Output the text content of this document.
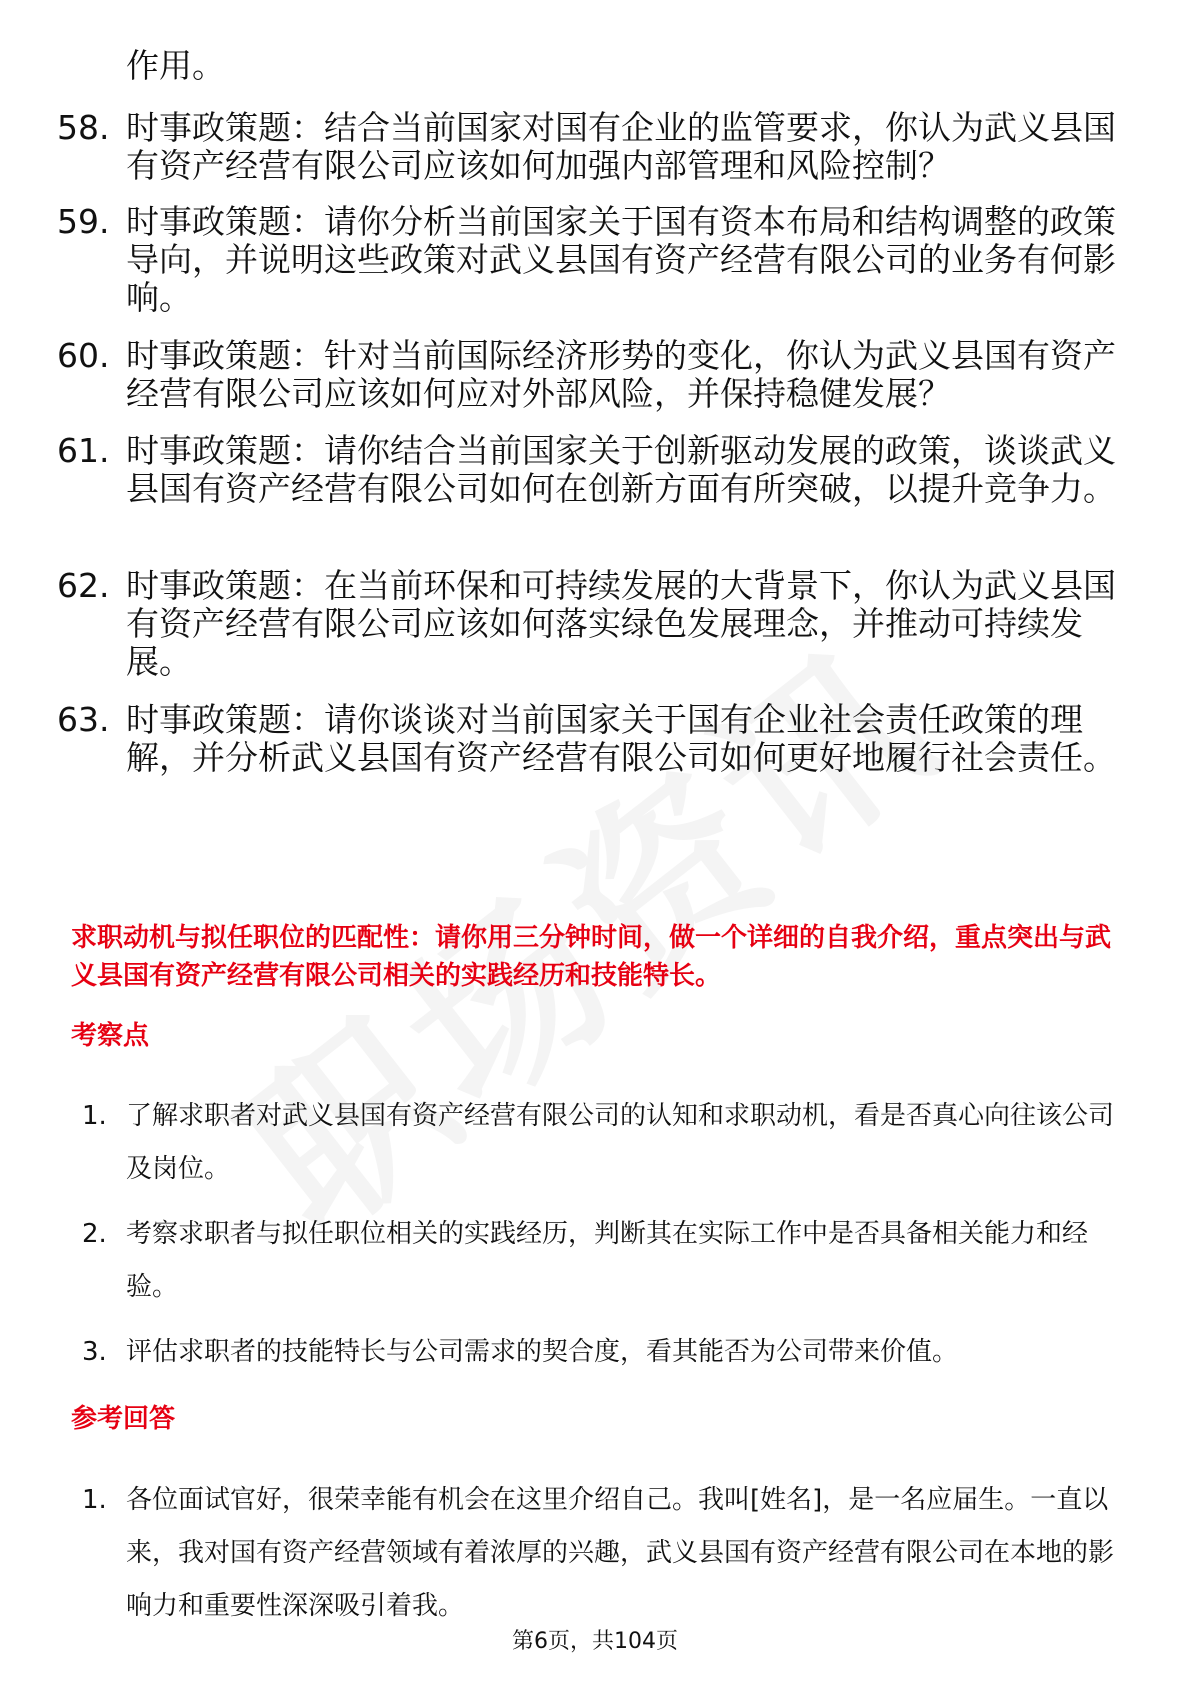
作用。

58. 时事政策题：结合当前国家对国有企业的监管要求，你认为武义县国有资产经营有限公司应该如何加强内部管理和风险控制？

59. 时事政策题：请你分析当前国家关于国有资本布局和结构调整的政策导向，并说明这些政策对武义县国有资产经营有限公司的业务有何影响。

60. 时事政策题：针对当前国际经济形势的变化，你认为武义县国有资产经营有限公司应该如何应对外部风险，并保持稳健发展？

61. 时事政策题：请你结合当前国家关于创新驱动发展的政策，谈谈武义县国有资产经营有限公司如何在创新方面有所突破，以提升竞争力。

62. 时事政策题：在当前环保和可持续发展的大背景下，你认为武义县国有资产经营有限公司应该如何落实绿色发展理念，并推动可持续发展。

63. 时事政策题：请你谈谈对当前国家关于国有企业社会责任政策的理解，并分析武义县国有资产经营有限公司如何更好地履行社会责任。

求职动机与拟任职位的匹配性：请你用三分钟时间，做一个详细的自我介绍，重点突出与武义县国有资产经营有限公司相关的实践经历和技能特长。

考察点
1. 了解求职者对武义县国有资产经营有限公司的认知和求职动机，看是否真心向往该公司及岗位。

2. 考察求职者与拟任职位相关的实践经历，判断其在实际工作中是否具备相关能力和经验。

3. 评估求职者的技能特长与公司需求的契合度，看其能否为公司带来价值。

参考回答
1. 各位面试官好，很荣幸能有机会在这里介绍自己。我叫[姓名]，是一名应届生。一直以来，我对国有资产经营领域有着浓厚的兴趣，武义县国有资产经营有限公司在本地的影响力和重要性深深吸引着我。

第6页，共104页
